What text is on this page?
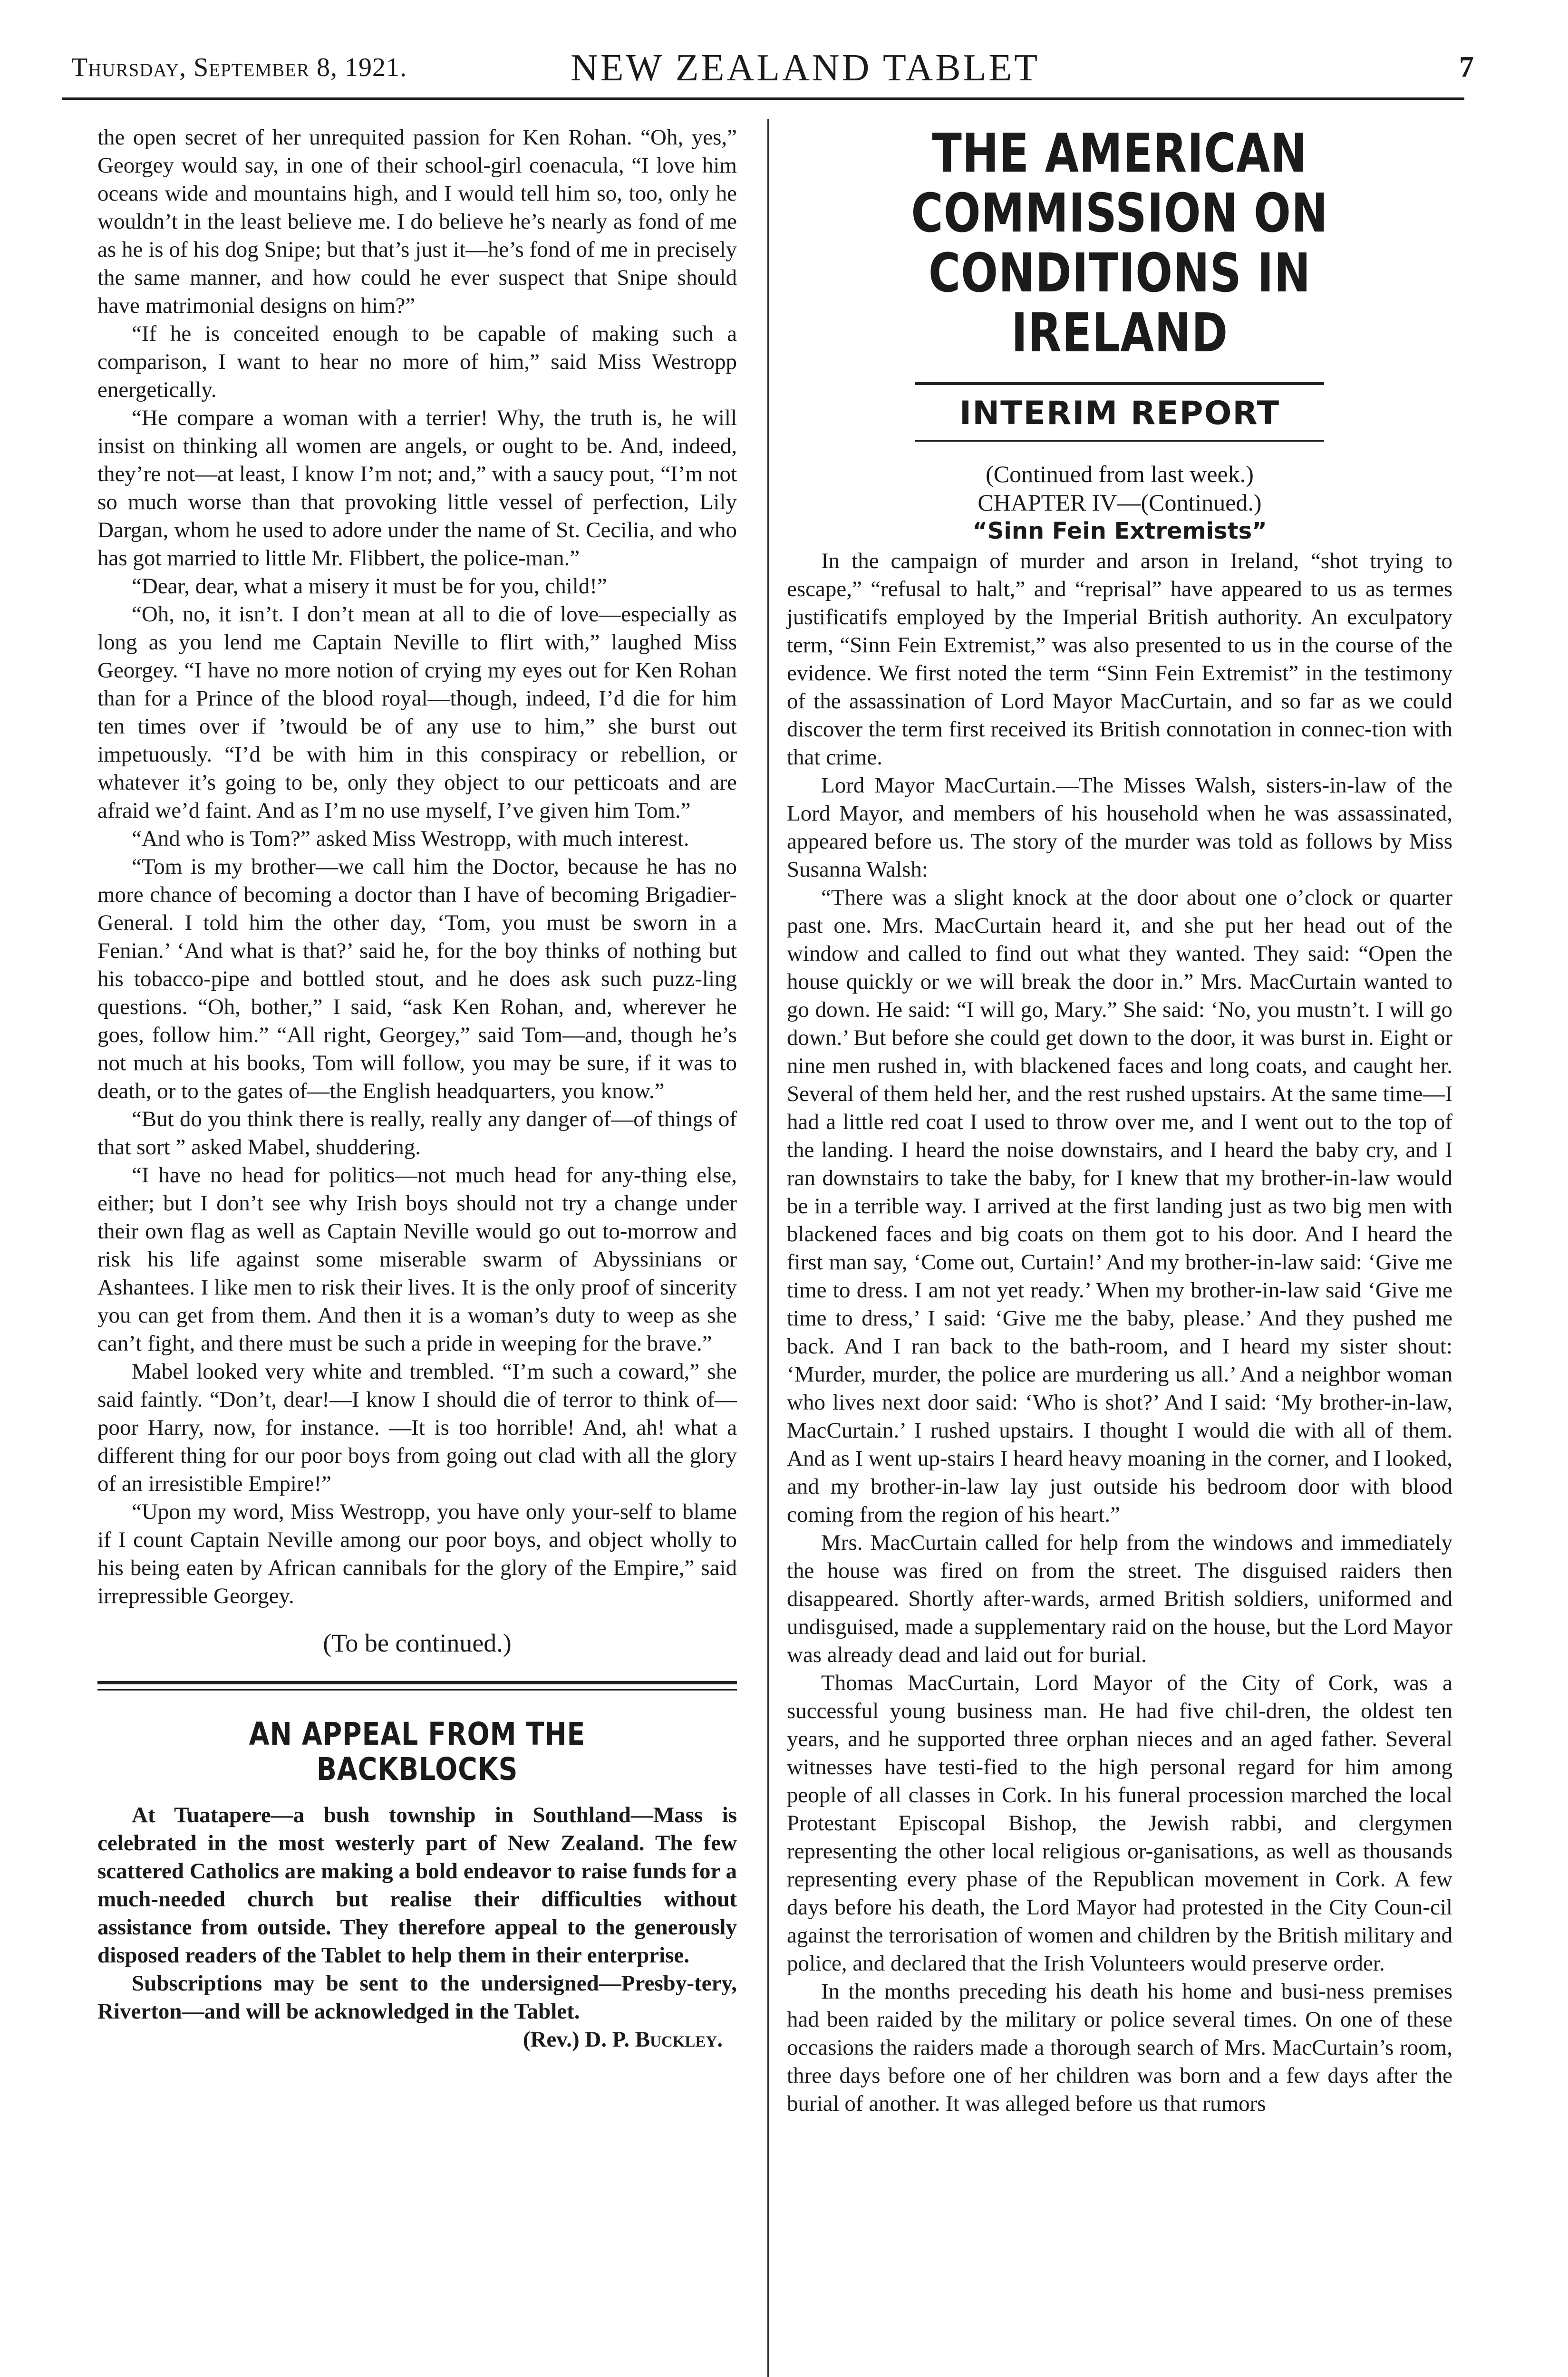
Thursday, September 8, 1921.	NEW ZEALAND TABLET	7

the open secret of her unrequited passion for Ken Rohan. “Oh, yes,” Georgey would say, in one of their school-girl coenacula, “I love him oceans wide and mountains high, and I would tell him so, too, only he wouldn’t in the least believe me. I do believe he’s nearly as fond of me as he is of his dog Snipe; but that’s just it—he’s fond of me in precisely the same manner, and how could he ever suspect that Snipe should have matrimonial designs on him?”

“If he is conceited enough to be capable of making such a comparison, I want to hear no more of him,” said Miss Westropp energetically.

“He compare a woman with a terrier! Why, the truth is, he will insist on thinking all women are angels, or ought to be. And, indeed, they’re not—at least, I know I’m not; and,” with a saucy pout, “I’m not so much worse than that provoking little vessel of perfection, Lily Dargan, whom he used to adore under the name of St. Cecilia, and who has got married to little Mr. Flibbert, the police-man.”

“Dear, dear, what a misery it must be for you, child!”

“Oh, no, it isn’t. I don’t mean at all to die of love—especially as long as you lend me Captain Neville to flirt with,” laughed Miss Georgey. “I have no more notion of crying my eyes out for Ken Rohan than for a Prince of the blood royal—though, indeed, I’d die for him ten times over if ’twould be of any use to him,” she burst out impetuously. “I’d be with him in this conspiracy or rebellion, or whatever it’s going to be, only they object to our petticoats and are afraid we’d faint. And as I’m no use myself, I’ve given him Tom.”

“And who is Tom?” asked Miss Westropp, with much interest.

“Tom is my brother—we call him the Doctor, because he has no more chance of becoming a doctor than I have of becoming Brigadier-General. I told him the other day, ‘Tom, you must be sworn in a Fenian.’ ‘And what is that?’ said he, for the boy thinks of nothing but his tobacco-pipe and bottled stout, and he does ask such puzz-ling questions. “Oh, bother,” I said, “ask Ken Rohan, and, wherever he goes, follow him.” “All right, Georgey,” said Tom—and, though he’s not much at his books, Tom will follow, you may be sure, if it was to death, or to the gates of—the English headquarters, you know.”

“But do you think there is really, really any danger of—of things of that sort ” asked Mabel, shuddering.

“I have no head for politics—not much head for any-thing else, either; but I don’t see why Irish boys should not try a change under their own flag as well as Captain Neville would go out to-morrow and risk his life against some miserable swarm of Abyssinians or Ashantees. I like men to risk their lives. It is the only proof of sincerity you can get from them. And then it is a woman’s duty to weep as she can’t fight, and there must be such a pride in weeping for the brave.”

Mabel looked very white and trembled. “I’m such a coward,” she said faintly. “Don’t, dear!—I know I should die of terror to think of—poor Harry, now, for instance. —It is too horrible! And, ah! what a different thing for our poor boys from going out clad with all the glory of an irresistible Empire!”

“Upon my word, Miss Westropp, you have only your-self to blame if I count Captain Neville among our poor boys, and object wholly to his being eaten by African cannibals for the glory of the Empire,” said irrepressible Georgey.

(To be continued.)
AN APPEAL FROM THE BACKBLOCKS

At Tuatapere—a bush township in Southland—Mass is celebrated in the most westerly part of New Zealand. The few scattered Catholics are making a bold endeavor to raise funds for a much-needed church but realise their difficulties without assistance from outside. They therefore appeal to the generously disposed readers of the Tablet to help them in their enterprise.

Subscriptions may be sent to the undersigned—Presby-tery, Riverton—and will be acknowledged in the Tablet.

(Rev.) D. P. Buckley.
THE AMERICAN COMMISSION ON CONDITIONS IN IRELAND
INTERIM REPORT

(Continued from last week.)

CHAPTER IV—(Continued.)

“Sinn Fein Extremists”

In the campaign of murder and arson in Ireland, “shot trying to escape,” “refusal to halt,” and “reprisal” have appeared to us as termes justificatifs employed by the Imperial British authority. An exculpatory term, “Sinn Fein Extremist,” was also presented to us in the course of the evidence. We first noted the term “Sinn Fein Extremist” in the testimony of the assassination of Lord Mayor MacCurtain, and so far as we could discover the term first received its British connotation in connec-tion with that crime.

Lord Mayor MacCurtain.—The Misses Walsh, sisters-in-law of the Lord Mayor, and members of his household when he was assassinated, appeared before us. The story of the murder was told as follows by Miss Susanna Walsh:

“There was a slight knock at the door about one o’clock or quarter past one. Mrs. MacCurtain heard it, and she put her head out of the window and called to find out what they wanted. They said: “Open the house quickly or we will break the door in.” Mrs. MacCurtain wanted to go down. He said: “I will go, Mary.” She said: ‘No, you mustn’t. I will go down.’ But before she could get down to the door, it was burst in. Eight or nine men rushed in, with blackened faces and long coats, and caught her. Several of them held her, and the rest rushed upstairs. At the same time—I had a little red coat I used to throw over me, and I went out to the top of the landing. I heard the noise downstairs, and I heard the baby cry, and I ran downstairs to take the baby, for I knew that my brother-in-law would be in a terrible way. I arrived at the first landing just as two big men with blackened faces and big coats on them got to his door. And I heard the first man say, ‘Come out, Curtain!’ And my brother-in-law said: ‘Give me time to dress. I am not yet ready.’ When my brother-in-law said ‘Give me time to dress,’ I said: ‘Give me the baby, please.’ And they pushed me back. And I ran back to the bath-room, and I heard my sister shout: ‘Murder, murder, the police are murdering us all.’ And a neighbor woman who lives next door said: ‘Who is shot?’ And I said: ‘My brother-in-law, MacCurtain.’ I rushed upstairs. I thought I would die with all of them. And as I went up-stairs I heard heavy moaning in the corner, and I looked, and my brother-in-law lay just outside his bedroom door with blood coming from the region of his heart.”

Mrs. MacCurtain called for help from the windows and immediately the house was fired on from the street. The disguised raiders then disappeared. Shortly after-wards, armed British soldiers, uniformed and undisguised, made a supplementary raid on the house, but the Lord Mayor was already dead and laid out for burial.

Thomas MacCurtain, Lord Mayor of the City of Cork, was a successful young business man. He had five chil-dren, the oldest ten years, and he supported three orphan nieces and an aged father. Several witnesses have testi-fied to the high personal regard for him among people of all classes in Cork. In his funeral procession marched the local Protestant Episcopal Bishop, the Jewish rabbi, and clergymen representing the other local religious or-ganisations, as well as thousands representing every phase of the Republican movement in Cork. A few days before his death, the Lord Mayor had protested in the City Coun-cil against the terrorisation of women and children by the British military and police, and declared that the Irish Volunteers would preserve order.

In the months preceding his death his home and busi-ness premises had been raided by the military or police several times. On one of these occasions the raiders made a thorough search of Mrs. MacCurtain’s room, three days before one of her children was born and a few days after the burial of another. It was alleged before us that rumors
